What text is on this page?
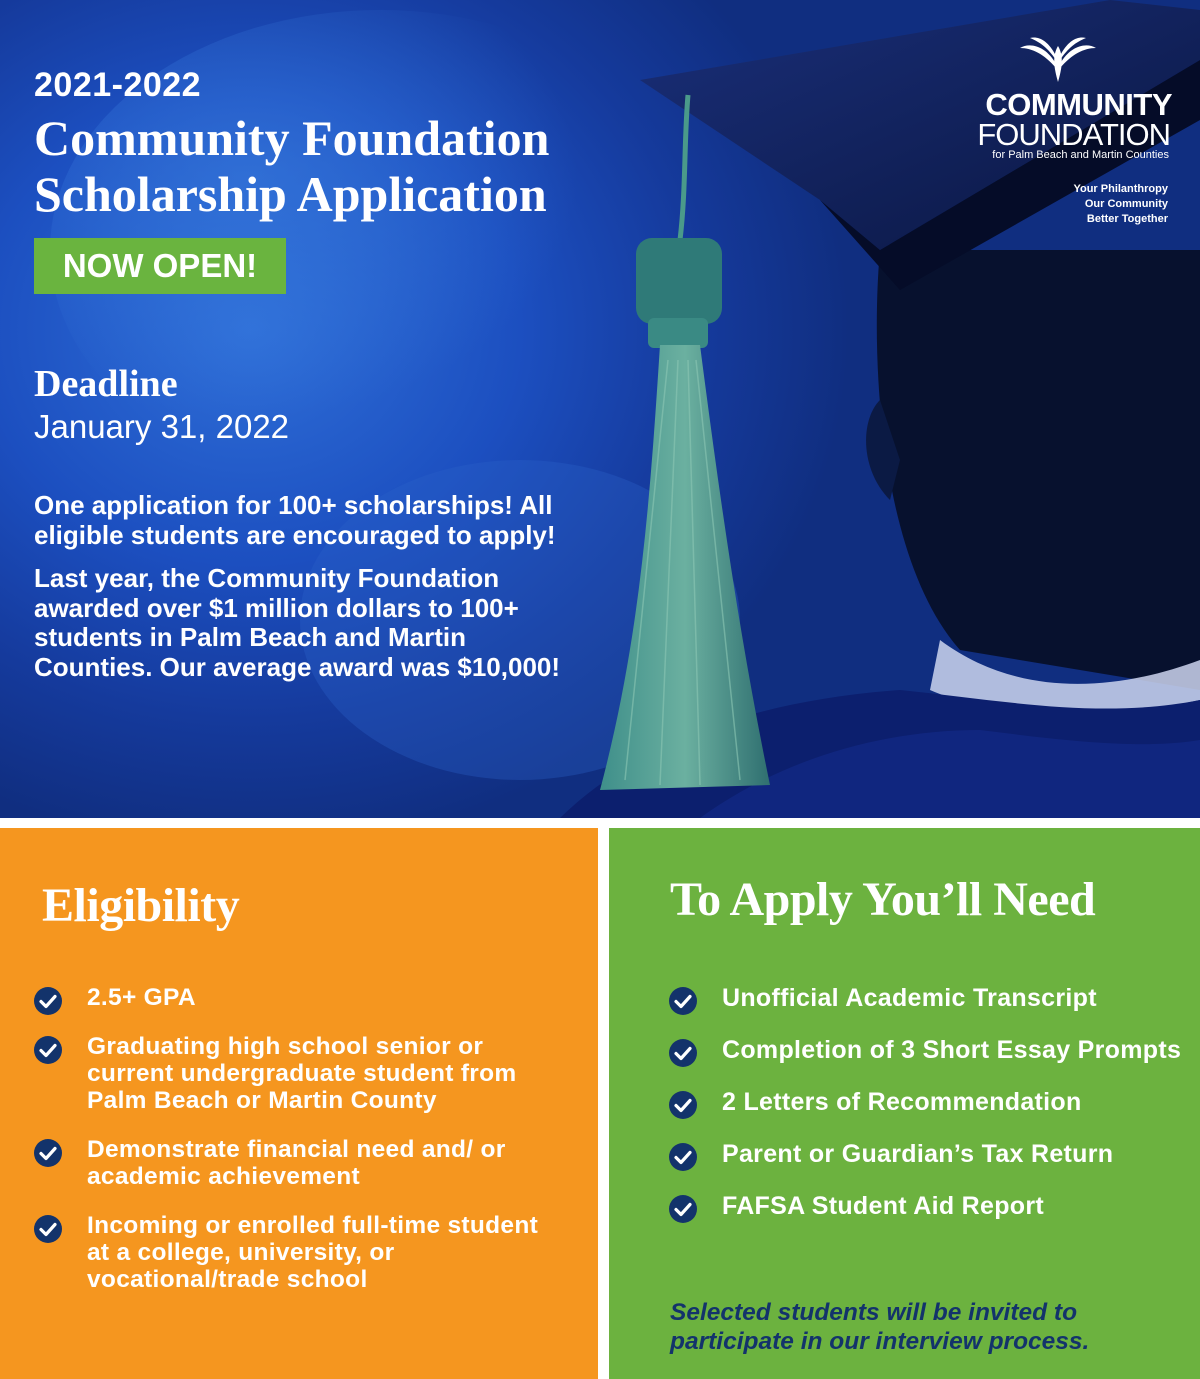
2021-2022
Community Foundation
Scholarship Application
NOW OPEN!
Deadline
January 31, 2022

One application for 100+ scholarships! All eligible students are encouraged to apply!

Last year, the Community Foundation awarded over $1 million dollars to 100+ students in Palm Beach and Martin Counties. Our average award was $10,000!

COMMUNITY
FOUNDATION
for Palm Beach and Martin Counties
Your Philanthropy
Our Community
Better Together
Eligibility
2.5+ GPA
Graduating high school senior or current undergraduate student from Palm Beach or Martin County
Demonstrate financial need and/ or academic achievement
Incoming or enrolled full-time student at a college, university, or vocational/trade school
To Apply You’ll Need
Unofficial Academic Transcript
Completion of 3 Short Essay Prompts
2 Letters of Recommendation
Parent or Guardian’s Tax Return
FAFSA Student Aid Report
Selected students will be invited to participate in our interview process.
